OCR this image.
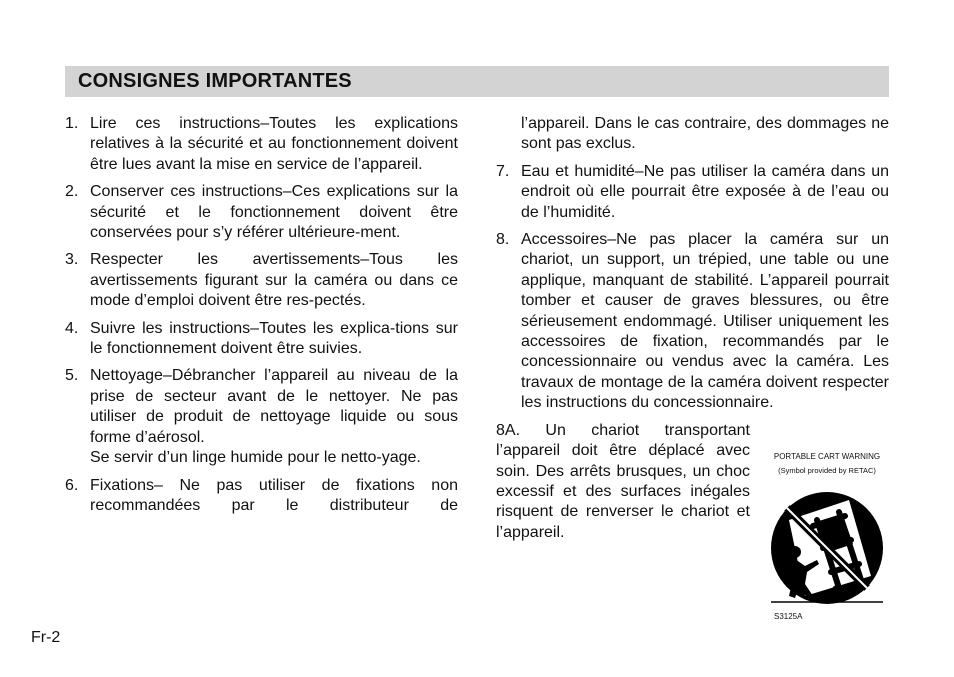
CONSIGNES IMPORTANTES
1. Lire ces instructions–Toutes les explications relatives à la sécurité et au fonctionnement doivent être lues avant la mise en service de l’appareil.
2. Conserver ces instructions–Ces explications sur la sécurité et le fonctionnement doivent être conservées pour s’y référer ultérieure-ment.
3. Respecter les avertissements–Tous les avertissements figurant sur la caméra ou dans ce mode d’emploi doivent être res-pectés.
4. Suivre les instructions–Toutes les explica-tions sur le fonctionnement doivent être suivies.
5. Nettoyage–Débrancher l’appareil au niveau de la prise de secteur avant de le nettoyer. Ne pas utiliser de produit de nettoyage liquide ou sous forme d’aérosol.
Se servir d’un linge humide pour le netto-yage.
6. Fixations– Ne pas utiliser de fixations non recommandées par le distributeur de
l’appareil. Dans le cas contraire, des dommages ne sont pas exclus.
7. Eau et humidité–Ne pas utiliser la caméra dans un endroit où elle pourrait être exposée à de l’eau ou de l’humidité.
8. Accessoires–Ne pas placer la caméra sur un chariot, un support, un trépied, une table ou une applique, manquant de stabilité. L’appareil pourrait tomber et causer de graves blessures, ou être sérieusement endommagé. Utiliser uniquement les accessoires de fixation, recommandés par le concessionnaire ou vendus avec la caméra. Les travaux de montage de la caméra doivent respecter les instructions du concessionnaire.
8A. Un chariot transportant l’appareil doit être déplacé avec soin. Des arrêts brusques, un choc excessif et des surfaces inégales risquent de renverser le chariot et l’appareil.
PORTABLE CART WARNING
(Symbol provided by RETAC)
S3125A
Fr-2
